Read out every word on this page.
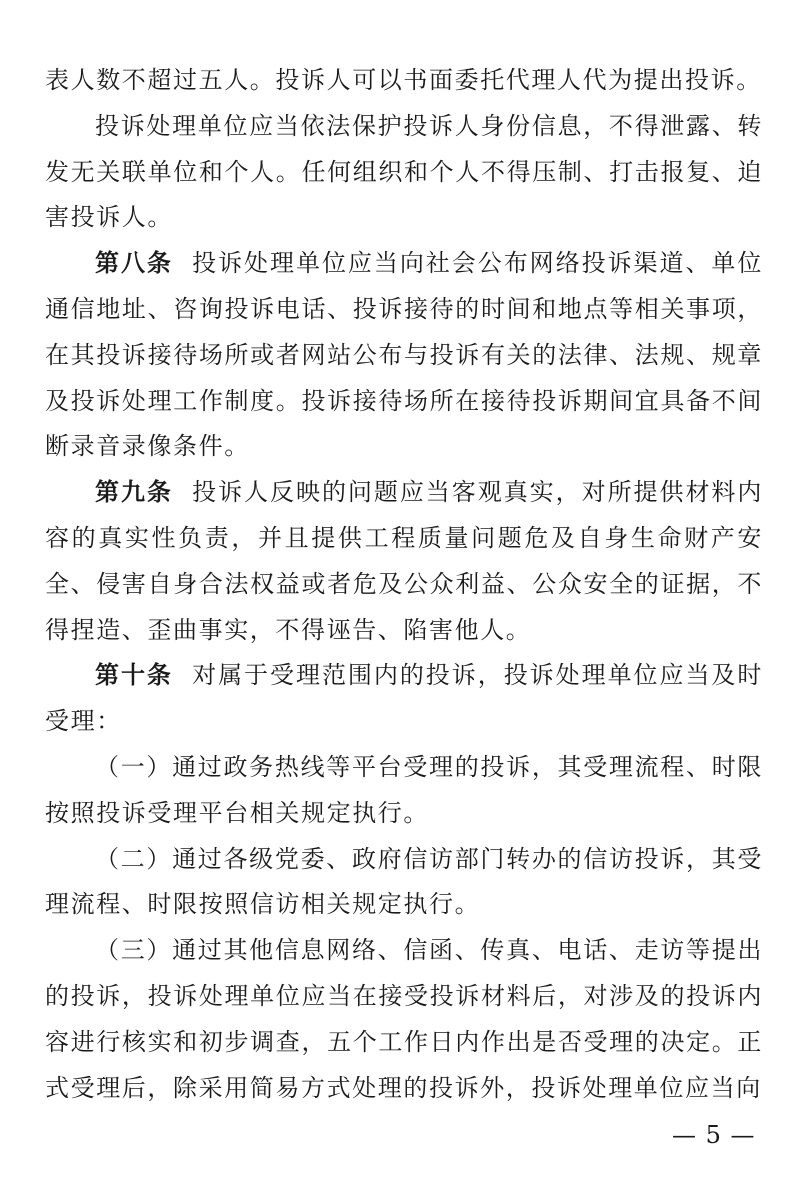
表人数不超过五人。投诉人可以书面委托代理人代为提出投诉。

投诉处理单位应当依法保护投诉人身份信息，不得泄露、转发无关联单位和个人。任何组织和个人不得压制、打击报复、迫害投诉人。

第八条 投诉处理单位应当向社会公布网络投诉渠道、单位通信地址、咨询投诉电话、投诉接待的时间和地点等相关事项，在其投诉接待场所或者网站公布与投诉有关的法律、法规、规章及投诉处理工作制度。投诉接待场所在接待投诉期间宜具备不间断录音录像条件。

第九条 投诉人反映的问题应当客观真实，对所提供材料内容的真实性负责，并且提供工程质量问题危及自身生命财产安全、侵害自身合法权益或者危及公众利益、公众安全的证据，不得捏造、歪曲事实，不得诬告、陷害他人。

第十条 对属于受理范围内的投诉，投诉处理单位应当及时受理：

（一）通过政务热线等平台受理的投诉，其受理流程、时限按照投诉受理平台相关规定执行。

（二）通过各级党委、政府信访部门转办的信访投诉，其受理流程、时限按照信访相关规定执行。

（三）通过其他信息网络、信函、传真、电话、走访等提出的投诉，投诉处理单位应当在接受投诉材料后，对涉及的投诉内容进行核实和初步调查，五个工作日内作出是否受理的决定。正式受理后，除采用简易方式处理的投诉外，投诉处理单位应当向

— 5 —
